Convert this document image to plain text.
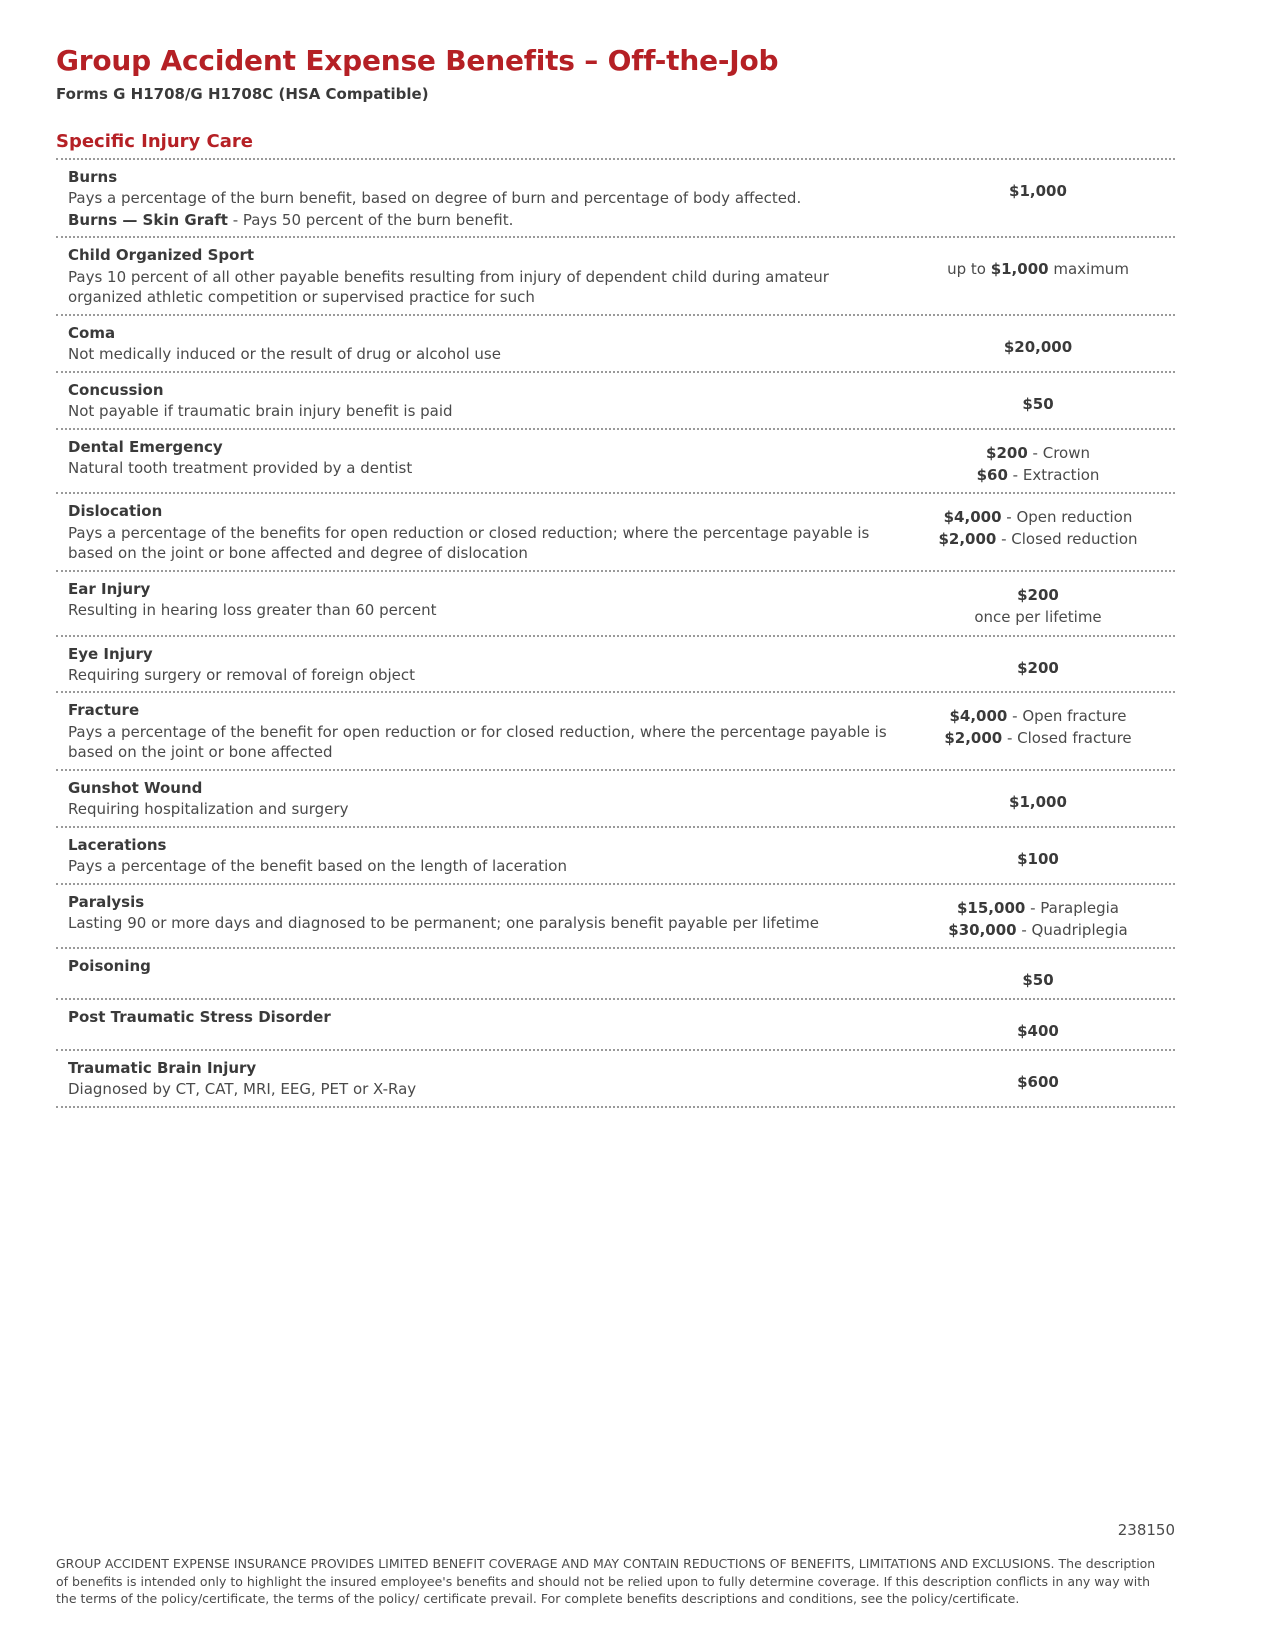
Group Accident Expense Benefits – Off-the-Job
Forms G H1708/G H1708C (HSA Compatible)
Specific Injury Care
Burns
Pays a percentage of the burn benefit, based on degree of burn and percentage of body affected.
Burns — Skin Graft - Pays 50 percent of the burn benefit.
$1,000
Child Organized Sport
Pays 10 percent of all other payable benefits resulting from injury of dependent child during amateur organized athletic competition or supervised practice for such
up to $1,000 maximum
Coma
Not medically induced or the result of drug or alcohol use	$20,000
Concussion
Not payable if traumatic brain injury benefit is paid	$50
Dental Emergency
Natural tooth treatment provided by a dentist
$200 - Crown
$60 - Extraction
Dislocation
Pays a percentage of the benefits for open reduction or closed reduction; where the percentage payable is based on the joint or bone affected and degree of dislocation
$4,000 - Open reduction
$2,000 - Closed reduction
Ear Injury
Resulting in hearing loss greater than 60 percent
$200
once per lifetime
Eye Injury
Requiring surgery or removal of foreign object	$200
Fracture
Pays a percentage of the benefit for open reduction or for closed reduction, where the percentage payable is based on the joint or bone affected
$4,000 - Open fracture
$2,000 - Closed fracture
Gunshot Wound
Requiring hospitalization and surgery	$1,000
Lacerations
Pays a percentage of the benefit based on the length of laceration	$100
Paralysis
Lasting 90 or more days and diagnosed to be permanent; one paralysis benefit payable per lifetime
$15,000 - Paraplegia
$30,000 - Quadriplegia
Poisoning
$50
Post Traumatic Stress Disorder
$400
Traumatic Brain Injury
Diagnosed by CT, CAT, MRI, EEG, PET or X-Ray	$600
238150
GROUP ACCIDENT EXPENSE INSURANCE PROVIDES LIMITED BENEFIT COVERAGE AND MAY CONTAIN REDUCTIONS OF BENEFITS, LIMITATIONS AND EXCLUSIONS. The description of benefits is intended only to highlight the insured employee's benefits and should not be relied upon to fully determine coverage. If this description conflicts in any way with the terms of the policy/certificate, the terms of the policy/ certificate prevail. For complete benefits descriptions and conditions, see the policy/certificate.
